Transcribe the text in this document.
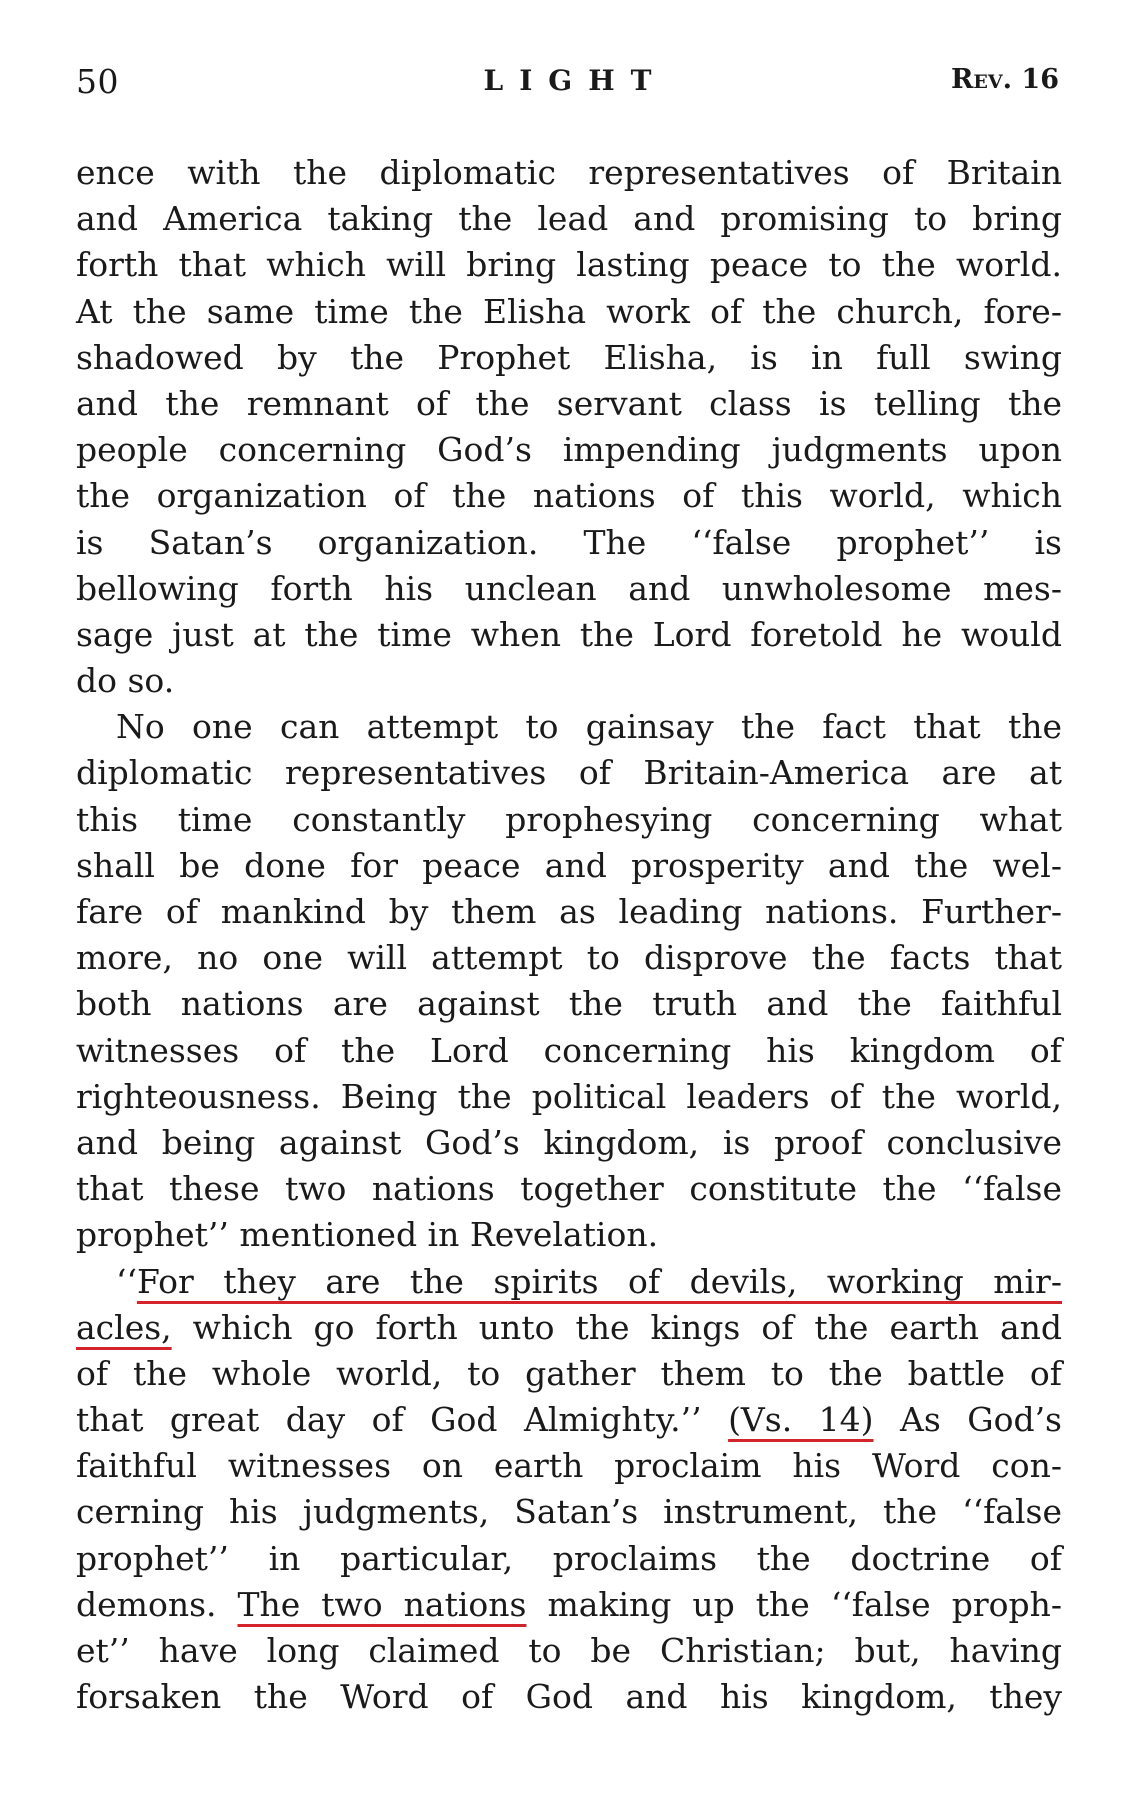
50	LIGHT	Rev. 16
ence with the diplomatic representatives of Britain
and America taking the lead and promising to bring
forth that which will bring lasting peace to the world.
At the same time the Elisha work of the church, fore-
shadowed by the Prophet Elisha, is in full swing
and the remnant of the servant class is telling the
people concerning God’s impending judgments upon
the organization of the nations of this world, which
is Satan’s organization. The ‘‘false prophet’’ is
bellowing forth his unclean and unwholesome mes-
sage just at the time when the Lord foretold he would
do so.
No one can attempt to gainsay the fact that the
diplomatic representatives of Britain-America are at
this time constantly prophesying concerning what
shall be done for peace and prosperity and the wel-
fare of mankind by them as leading nations. Further-
more, no one will attempt to disprove the facts that
both nations are against the truth and the faithful
witnesses of the Lord concerning his kingdom of
righteousness. Being the political leaders of the world,
and being against God’s kingdom, is proof conclusive
that these two nations together constitute the ‘‘false
prophet’’ mentioned in Revelation.
‘‘For they are the spirits of devils, working mir-
acles, which go forth unto the kings of the earth and
of the whole world, to gather them to the battle of
that great day of God Almighty.’’ (Vs. 14) As God’s
faithful witnesses on earth proclaim his Word con-
cerning his judgments, Satan’s instrument, the ‘‘false
prophet’’ in particular, proclaims the doctrine of
demons. The two nations making up the ‘‘false proph-
et’’ have long claimed to be Christian; but, having
forsaken the Word of God and his kingdom, they
